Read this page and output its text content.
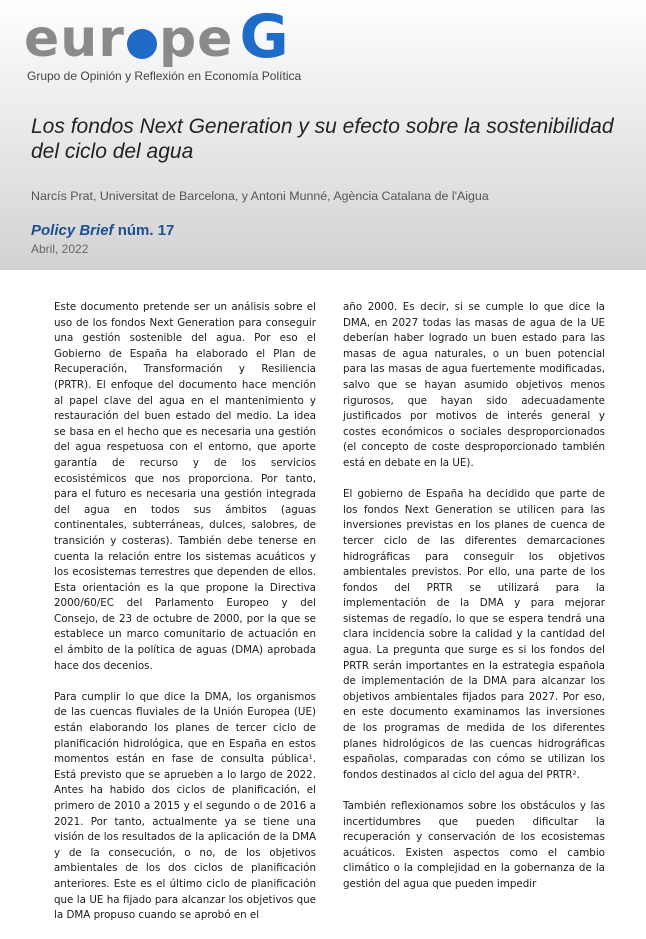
eur pe G
Grupo de Opinión y Reflexión en Economía Política
Los fondos Next Generation y su efecto sobre la sostenibilidad del ciclo del agua
Narcís Prat, Universitat de Barcelona, y Antoni Munné, Agència Catalana de l'Aigua
Policy Brief núm. 17
Abril, 2022

Este documento pretende ser un análisis sobre el uso de los fondos Next Generation para conseguir una gestión sostenible del agua. Por eso el Gobierno de España ha elaborado el Plan de Recuperación, Transformación y Resiliencia (PRTR). El enfoque del documento hace mención al papel clave del agua en el mantenimiento y restauración del buen estado del medio. La idea se basa en el hecho que es necesaria una gestión del agua respetuosa con el entorno, que aporte garantía de recurso y de los servicios ecosistémicos que nos proporciona. Por tanto, para el futuro es necesaria una gestión integrada del agua en todos sus ámbitos (aguas continentales, subterráneas, dulces, salobres, de transición y costeras). También debe tenerse en cuenta la relación entre los sistemas acuáticos y los ecosistemas terrestres que dependen de ellos. Esta orientación es la que propone la Directiva 2000/60/EC del Parlamento Europeo y del Consejo, de 23 de octubre de 2000, por la que se establece un marco comunitario de actuación en el ámbito de la política de aguas (DMA) aprobada hace dos decenios.

Para cumplir lo que dice la DMA, los organismos de las cuencas fluviales de la Unión Europea (UE) están elaborando los planes de tercer ciclo de planificación hidrológica, que en España en estos momentos están en fase de consulta pública¹. Está previsto que se aprueben a lo largo de 2022. Antes ha habido dos ciclos de planificación, el primero de 2010 a 2015 y el segundo o de 2016 a 2021. Por tanto, actualmente ya se tiene una visión de los resultados de la aplicación de la DMA y de la consecución, o no, de los objetivos ambientales de los dos ciclos de planificación anteriores. Este es el último ciclo de planificación que la UE ha fijado para alcanzar los objetivos que la DMA propuso cuando se aprobó en el

año 2000. Es decir, si se cumple lo que dice la DMA, en 2027 todas las masas de agua de la UE deberían haber logrado un buen estado para las masas de agua naturales, o un buen potencial para las masas de agua fuertemente modificadas, salvo que se hayan asumido objetivos menos rigurosos, que hayan sido adecuadamente justificados por motivos de interés general y costes económicos o sociales desproporcionados (el concepto de coste desproporcionado también está en debate en la UE).

El gobierno de España ha decidido que parte de los fondos Next Generation se utilicen para las inversiones previstas en los planes de cuenca de tercer ciclo de las diferentes demarcaciones hidrográficas para conseguir los objetivos ambientales previstos. Por ello, una parte de los fondos del PRTR se utilizará para la implementación de la DMA y para mejorar sistemas de regadío, lo que se espera tendrá una clara incidencia sobre la calidad y la cantidad del agua. La pregunta que surge es si los fondos del PRTR serán importantes en la estrategia española de implementación de la DMA para alcanzar los objetivos ambientales fijados para 2027. Por eso, en este documento examinamos las inversiones de los programas de medida de los diferentes planes hidrológicos de las cuencas hidrográficas españolas, comparadas con cómo se utilizan los fondos destinados al ciclo del agua del PRTR².

También reflexionamos sobre los obstáculos y las incertidumbres que pueden dificultar la recuperación y conservación de los ecosistemas acuáticos. Existen aspectos como el cambio climático o la complejidad en la gobernanza de la gestión del agua que pueden impedir
